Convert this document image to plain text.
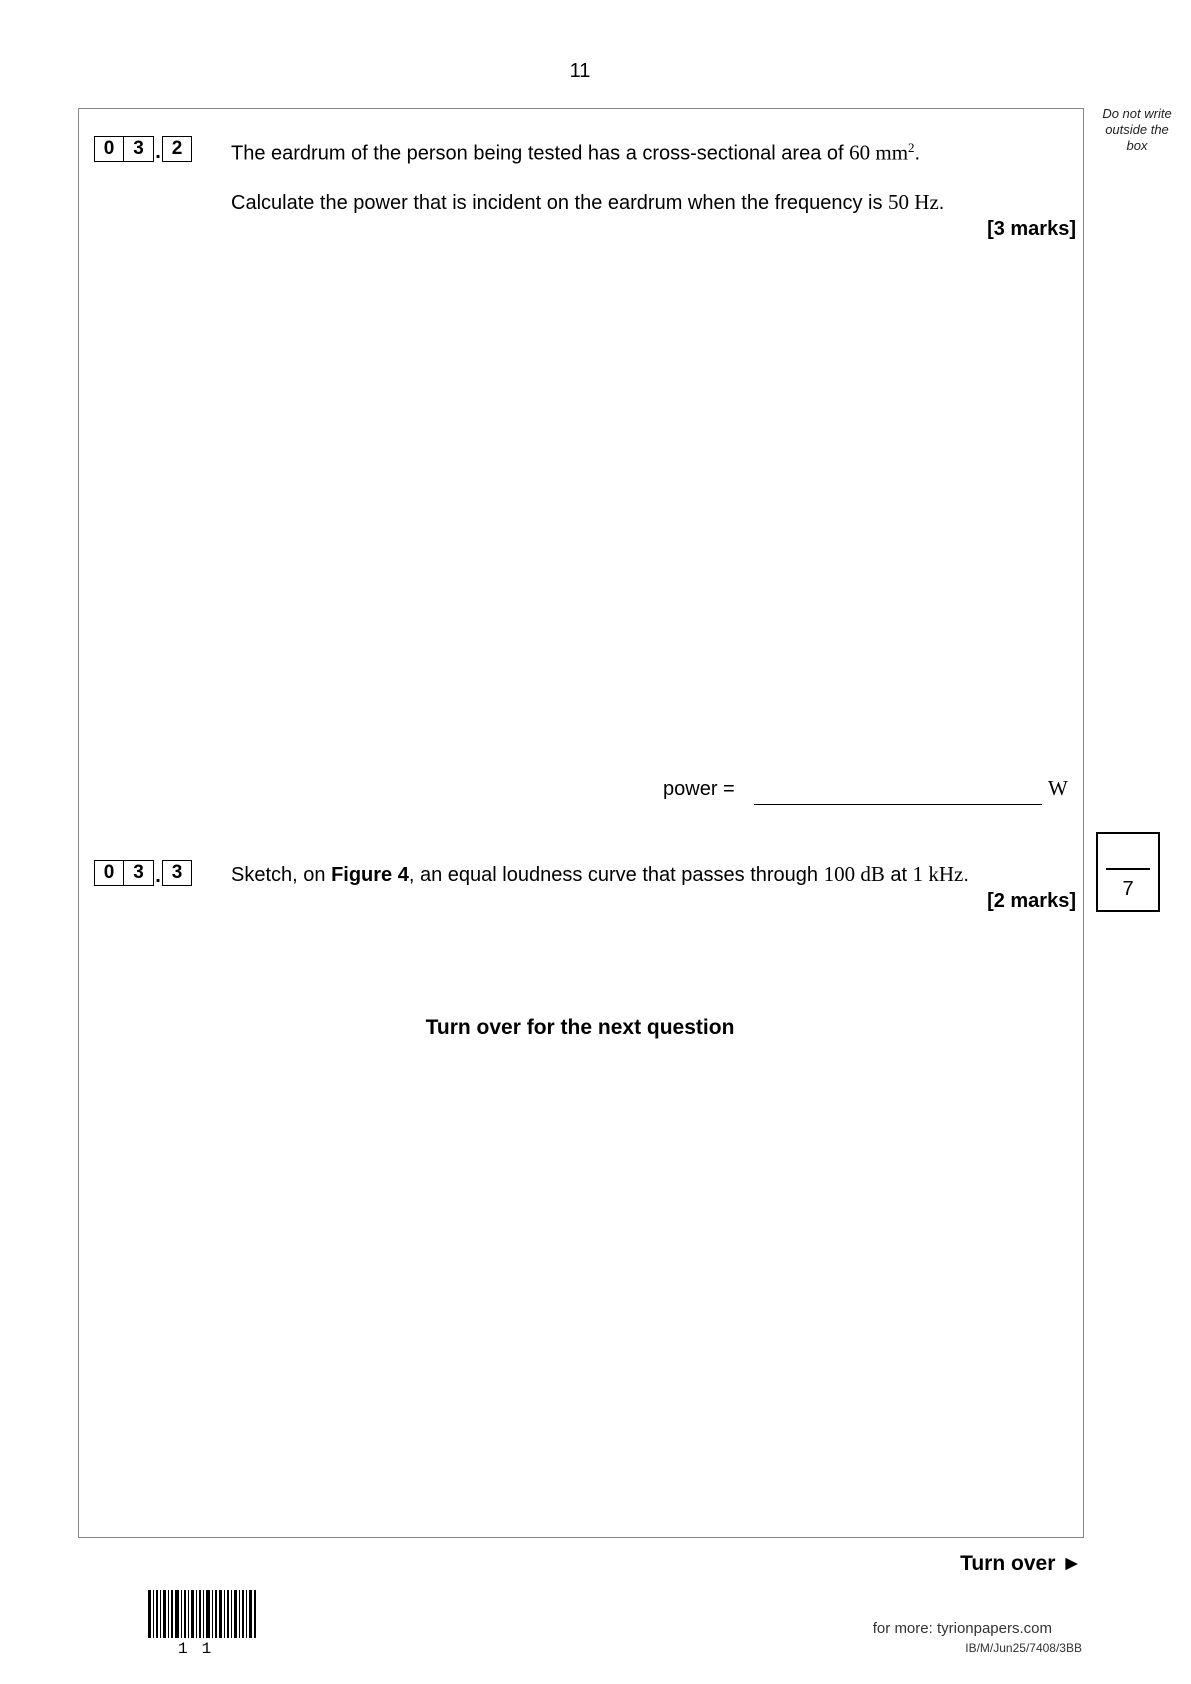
11
Do not write
outside the
box
0 3 . 2	The eardrum of the person being tested has a cross-sectional area of 60 $mm^2$.
Calculate the power that is incident on the eardrum when the frequency is 50 Hz.
[3 marks]
power =	W
0 3 . 3	Sketch, on Figure 4, an equal loudness curve that passes through 100 dB at 1 kHz.
[2 marks]
7
Turn over for the next question
Turn over ►
11
for more: tyrionpapers.com
IB/M/Jun25/7408/3BB
